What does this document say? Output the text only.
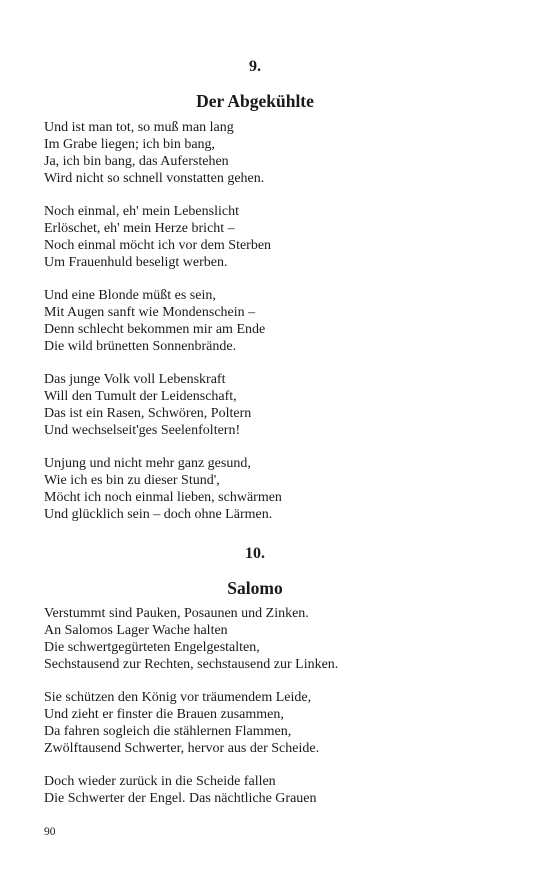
9.
Der Abgekühlte
Und ist man tot, so muß man lang
Im Grabe liegen; ich bin bang,
Ja, ich bin bang, das Auferstehen
Wird nicht so schnell vonstatten gehen.
Noch einmal, eh' mein Lebenslicht
Erlöschet, eh' mein Herze bricht –
Noch einmal möcht ich vor dem Sterben
Um Frauenhuld beseligt werben.
Und eine Blonde müßt es sein,
Mit Augen sanft wie Mondenschein –
Denn schlecht bekommen mir am Ende
Die wild brünetten Sonnenbrände.
Das junge Volk voll Lebenskraft
Will den Tumult der Leidenschaft,
Das ist ein Rasen, Schwören, Poltern
Und wechselseit'ges Seelenfoltern!
Unjung und nicht mehr ganz gesund,
Wie ich es bin zu dieser Stund',
Möcht ich noch einmal lieben, schwärmen
Und glücklich sein – doch ohne Lärmen.
10.
Salomo
Verstummt sind Pauken, Posaunen und Zinken.
An Salomos Lager Wache halten
Die schwertgegürteten Engelgestalten,
Sechstausend zur Rechten, sechstausend zur Linken.
Sie schützen den König vor träumendem Leide,
Und zieht er finster die Brauen zusammen,
Da fahren sogleich die stählernen Flammen,
Zwölftausend Schwerter, hervor aus der Scheide.
Doch wieder zurück in die Scheide fallen
Die Schwerter der Engel. Das nächtliche Grauen
90
